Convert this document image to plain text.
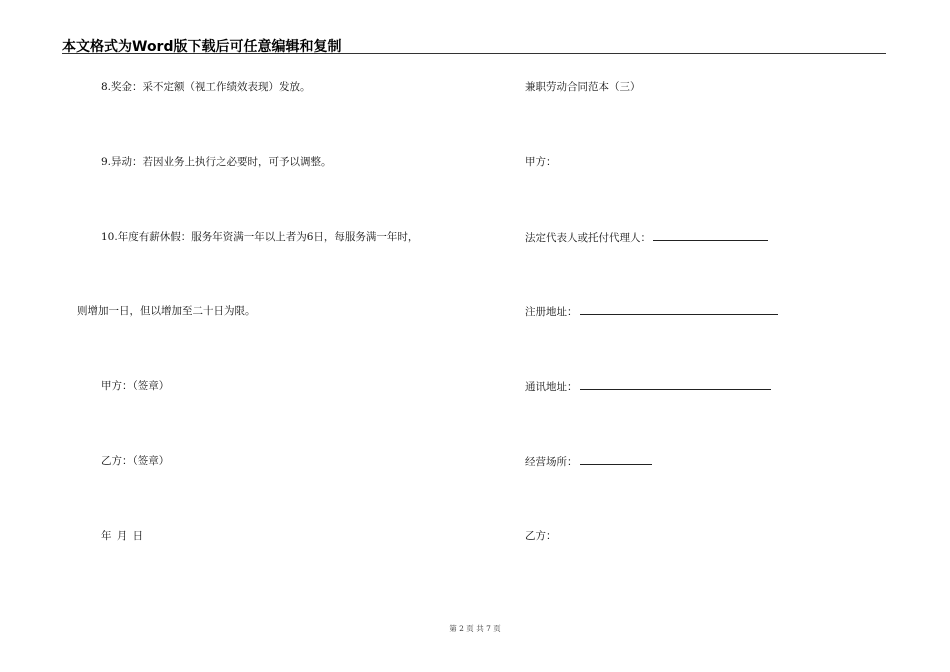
本文格式为Word版下载后可任意编辑和复制
8.奖金：采不定额（视工作绩效表现）发放。
9.异动：若因业务上执行之必要时，可予以调整。
10.年度有薪休假：服务年资满一年以上者为6日，每服务满一年时，
则增加一日，但以增加至二十日为限。
甲方：（签章）
乙方：（签章）
年 月 日
兼职劳动合同范本（三）
甲方：
法定代表人或托付代理人：
注册地址：
通讯地址：
经营场所：
乙方：
第 2 页 共 7 页
